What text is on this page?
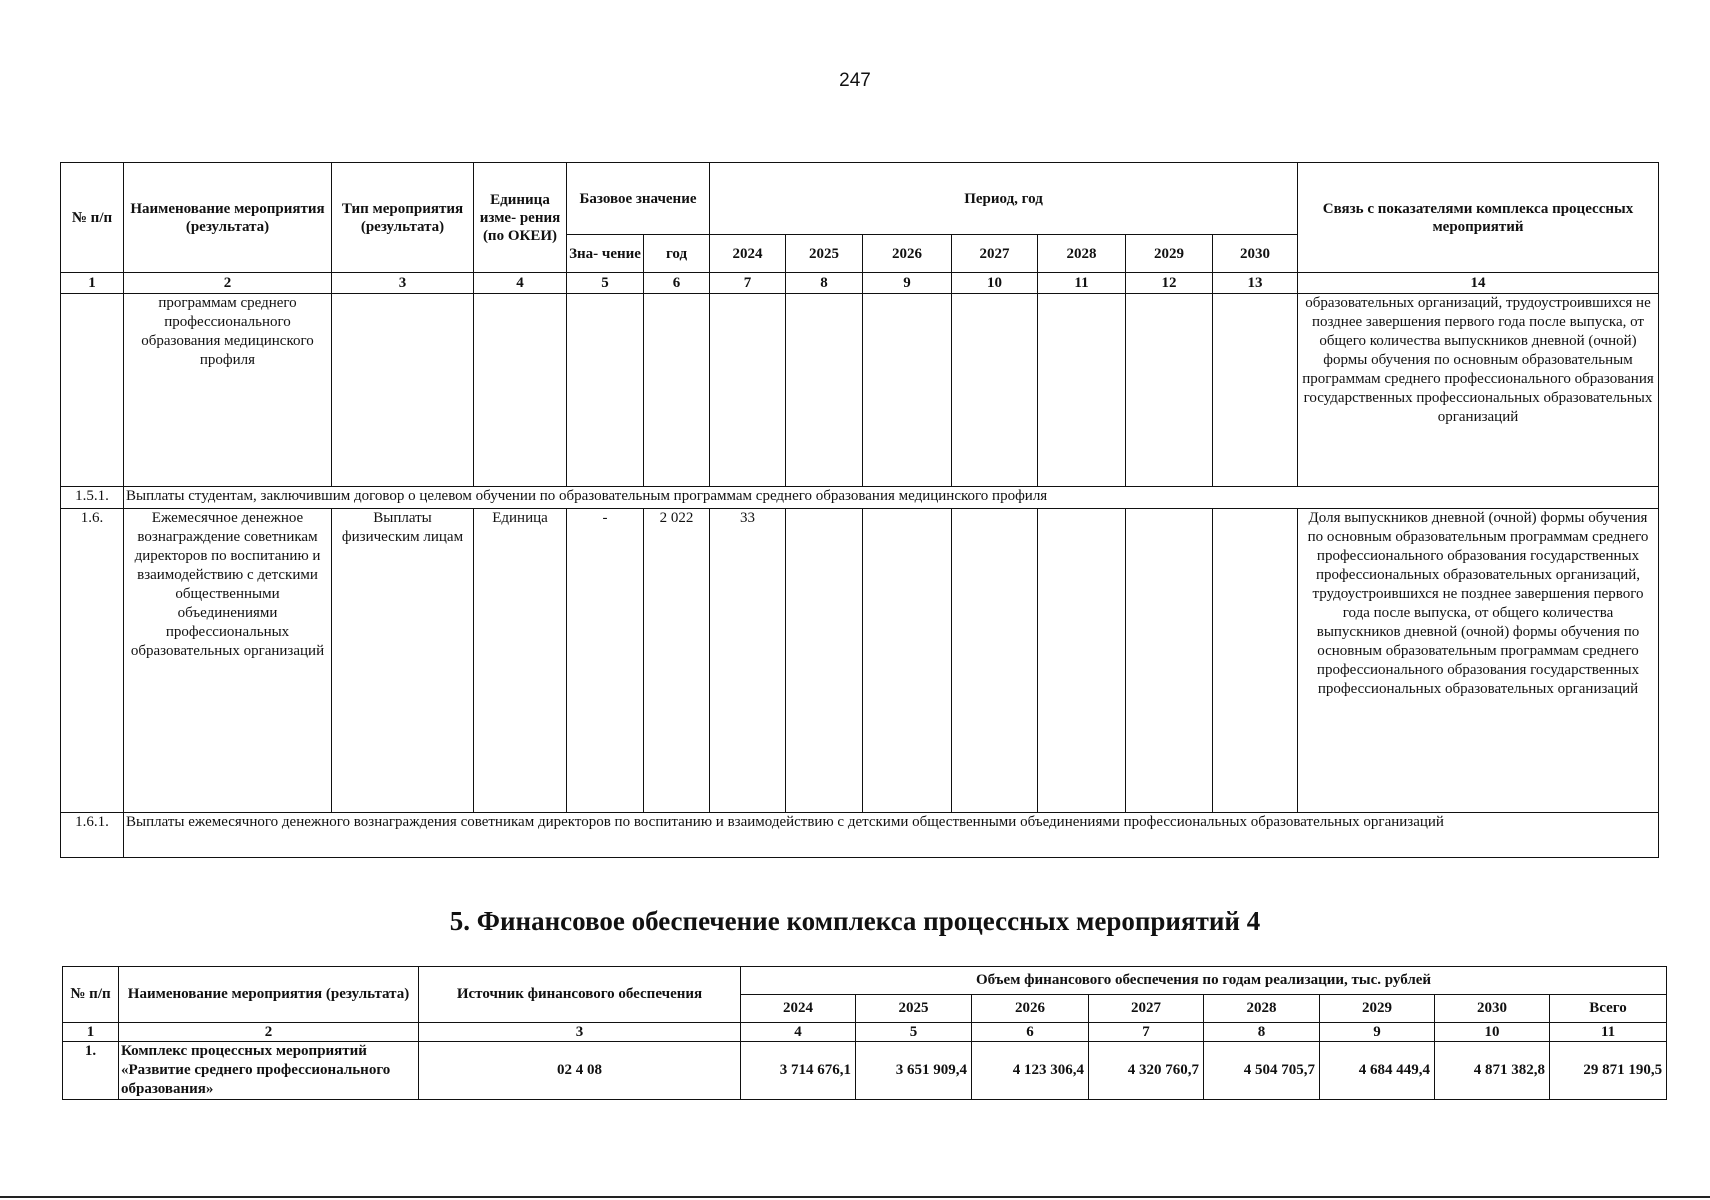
247
№ п/п	Наименование мероприятия (результата)	Тип мероприятия (результата)	Единица изме- рения (по ОКЕИ)	Базовое значение		Период, год							Связь с показателями комплекса процессных мероприятий
				Зна- чение	год	2024	2025	2026	2027	2028	2029	2030	
1	2	3	4	5	6	7	8	9	10	11	12	13	14
	программам среднего профессионального образования медицинского профиля												образовательных организаций, трудоустроившихся не позднее завершения первого года после выпуска, от общего количества выпускников дневной (очной) формы обучения по основным образовательным программам среднего профессионального образования государственных профессиональных образовательных организаций
1.5.1.	Выплаты студентам, заключившим договор о целевом обучении по образовательным программам среднего образования медицинского профиля												
1.6.	Ежемесячное денежное вознаграждение советникам директоров по воспитанию и взаимодействию с детскими общественными объединениями профессиональных образовательных организаций	Выплаты физическим лицам	Единица	-	2 022	33							Доля выпускников дневной (очной) формы обучения по основным образовательным программам среднего профессионального образования государственных профессиональных образовательных организаций, трудоустроившихся не позднее завершения первого года после выпуска, от общего количества выпускников дневной (очной) формы обучения по основным образовательным программам среднего профессионального образования государственных профессиональных образовательных организаций
1.6.1.	Выплаты ежемесячного денежного вознаграждения советникам директоров по воспитанию и взаимодействию с детскими общественными объединениями профессиональных образовательных организаций												
5. Финансовое обеспечение комплекса процессных мероприятий 4
№ п/п	Наименование мероприятия (результата)	Источник финансового обеспечения	Объем финансового обеспечения по годам реализации, тыс. рублей							
			2024	2025	2026	2027	2028	2029	2030	Всего
1	2	3	4	5	6	7	8	9	10	11
1.	Комплекс процессных мероприятий «Развитие среднего профессионального образования»	02 4 08	3 714 676,1	3 651 909,4	4 123 306,4	4 320 760,7	4 504 705,7	4 684 449,4	4 871 382,8	29 871 190,5
